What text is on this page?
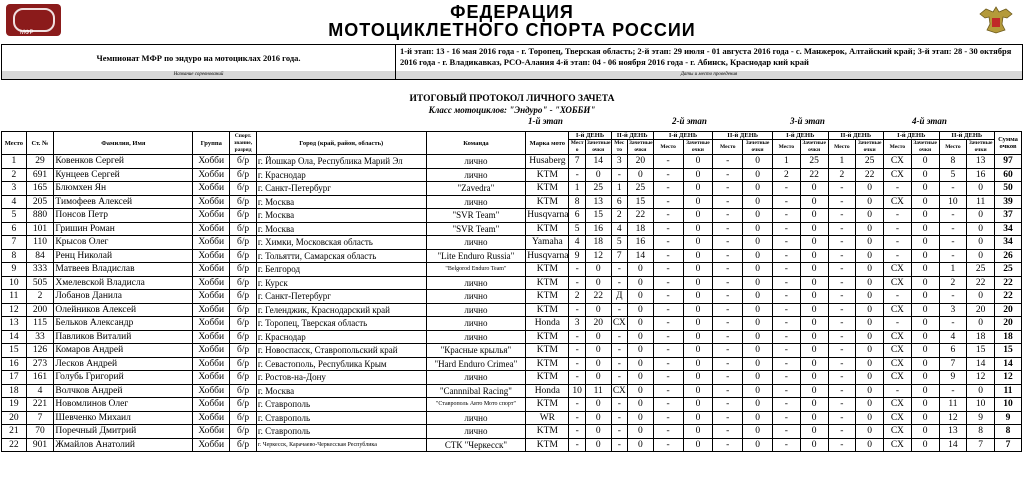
МФР
ФЕДЕРАЦИЯ
МОТОЦИКЛЕТНОГО СПОРТА РОССИИ
Чемпионат МФР по эндуро на мотоциклах 2016 года.
1-й этап: 13 - 16 мая 2016 года - г. Торопец, Тверская область; 2-й этап: 29 июля - 01 августа 2016 года - с. Манжерок, Алтайский край; 3-й этап: 28 - 30 октября 2016 года - г. Владикавказ, РСО-Алания 4-й этап: 04 - 06 ноября 2016 года - г. Абинск, Краснодар кий край
Название соревнований	Даты и место проведения
ИТОГОВЫЙ ПРОТОКОЛ ЛИЧНОГО ЗАЧЕТА
Класс мотоциклов: "Эндуро" - "ХОББИ"
1-й этап	2-й этап	3-й этап	4-й этап
Место	Ст. №	Фамилия, Имя	Группа	Спорт. звание, разряд	Город (край, район, область)	Команда	Марка мото	I-й ДЕНЬ		II-й ДЕНЬ		I-й ДЕНЬ		II-й ДЕНЬ		I-й ДЕНЬ		II-й ДЕНЬ		I-й ДЕНЬ		II-й ДЕНЬ		Сумма очков
								Мест о	Зачетные очки	Мес то	Зачетные очки	Место	Зачетные очки	Место	Зачетные очки	Место	Зачетные очки	Место	Зачетные очки	Место	Зачетные очки	Место	Зачетные очки	
1	29	Ковенков Сергей	Хобби	б/р	г. Йошкар Ола, Республика Марий Эл	лично	Husaberg	7	14	3	20	-	0	-	0	1	25	1	25	СХ	0	8	13	97
2	691	Кунцеев Сергей	Хобби	б/р	г. Краснодар	лично	KTM	-	0	-	0	-	0	-	0	2	22	2	22	СХ	0	5	16	60
3	165	Блюмхен Ян	Хобби	б/р	г. Санкт-Петербург	"Zavedra"	KTM	1	25	1	25	-	0	-	0	-	0	-	0	-	0	-	0	50
4	205	Тимофеев Алексей	Хобби	б/р	г. Москва	лично	KTM	8	13	6	15	-	0	-	0	-	0	-	0	СХ	0	10	11	39
5	880	Понсов Петр	Хобби	б/р	г. Москва	"SVR Team"	Husqvarna	6	15	2	22	-	0	-	0	-	0	-	0	-	0	-	0	37
6	101	Гришин Роман	Хобби	б/р	г. Москва	"SVR Team"	KTM	5	16	4	18	-	0	-	0	-	0	-	0	-	0	-	0	34
7	110	Крысов Олег	Хобби	б/р	г. Химки, Московская область	лично	Yamaha	4	18	5	16	-	0	-	0	-	0	-	0	-	0	-	0	34
8	84	Ренц Николай	Хобби	б/р	г. Тольятти, Самарская область	"Lite Enduro Russia"	Husqvarna	9	12	7	14	-	0	-	0	-	0	-	0	-	0	-	0	26
9	333	Матвеев Владислав	Хобби	б/р	г. Белгород	"Belgorod Enduro Team"	KTM	-	0	-	0	-	0	-	0	-	0	-	0	СХ	0	1	25	25
10	505	Хмелевской Владисла	Хобби	б/р	г. Курск	лично	KTM	-	0	-	0	-	0	-	0	-	0	-	0	СХ	0	2	22	22
11	2	Лобанов Данила	Хобби	б/р	г. Санкт-Петербург	лично	KTM	2	22	Д	0	-	0	-	0	-	0	-	0	-	0	-	0	22
12	200	Олейников Алексей	Хобби	б/р	г. Геленджик, Краснодарский край	лично	KTM	-	0	-	0	-	0	-	0	-	0	-	0	СХ	0	3	20	20
13	115	Бельков Александр	Хобби	б/р	г. Торопец, Тверская область	лично	Honda	3	20	СХ	0	-	0	-	0	-	0	-	0	-	0	-	0	20
14	33	Павликов Виталий	Хобби	б/р	г. Краснодар	лично	KTM	-	0	-	0	-	0	-	0	-	0	-	0	СХ	0	4	18	18
15	126	Комаров Андрей	Хобби	б/р	г. Новоспасск, Ставропольский край	"Красные крылья"	KTM	-	0	-	0	-	0	-	0	-	0	-	0	СХ	0	6	15	15
16	273	Лесков Андрей	Хобби	б/р	г. Севастополь, Республика Крым	"Hard Enduro Crimea"	KTM	-	0	-	0	-	0	-	0	-	0	-	0	СХ	0	7	14	14
17	161	Голубь Григорий	Хобби	б/р	г. Ростов-на-Дону	лично	KTM	-	0	-	0	-	0	-	0	-	0	-	0	СХ	0	9	12	12
18	4	Волчков Андрей	Хобби	б/р	г. Москва	"Cannnibal Racing"	Honda	10	11	СХ	0	-	0	-	0	-	0	-	0	-	0	-	0	11
19	221	Новомлинов Олег	Хобби	б/р	г. Ставрополь	"Ставрополь Авто Мото спорт"	KTM	-	0	-	0	-	0	-	0	-	0	-	0	СХ	0	11	10	10
20	7	Шевченко Михаил	Хобби	б/р	г. Ставрополь	лично	WR	-	0	-	0	-	0	-	0	-	0	-	0	СХ	0	12	9	9
21	70	Поречный Дмитрий	Хобби	б/р	г. Ставрополь	лично	KTM	-	0	-	0	-	0	-	0	-	0	-	0	СХ	0	13	8	8
22	901	Жмайлов Анатолий	Хобби	б/р	г. Черкесск, Карачаево-Черкесская Республика	СТК "Черкесск"	KTM	-	0	-	0	-	0	-	0	-	0	-	0	СХ	0	14	7	7
